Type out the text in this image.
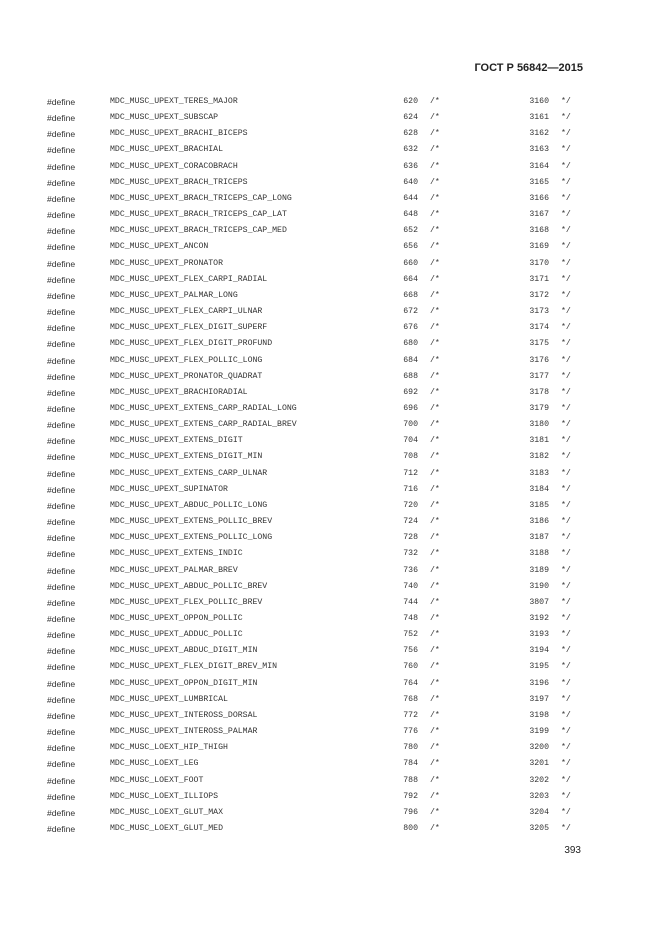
ГОСТ Р 56842—2015
#define	MDC_MUSC_UPEXT_TERES_MAJOR	620 /*	3160 */
#define	MDC_MUSC_UPEXT_SUBSCAP	624 /*	3161 */
#define	MDC_MUSC_UPEXT_BRACHI_BICEPS	628 /*	3162 */
#define	MDC_MUSC_UPEXT_BRACHIAL	632 /*	3163 */
#define	MDC_MUSC_UPEXT_CORACOBRACH	636 /*	3164 */
#define	MDC_MUSC_UPEXT_BRACH_TRICEPS	640 /*	3165 */
#define	MDC_MUSC_UPEXT_BRACH_TRICEPS_CAP_LONG	644 /*	3166 */
#define	MDC_MUSC_UPEXT_BRACH_TRICEPS_CAP_LAT	648 /*	3167 */
#define	MDC_MUSC_UPEXT_BRACH_TRICEPS_CAP_MED	652 /*	3168 */
#define	MDC_MUSC_UPEXT_ANCON	656 /*	3169 */
#define	MDC_MUSC_UPEXT_PRONATOR	660 /*	3170 */
#define	MDC_MUSC_UPEXT_FLEX_CARPI_RADIAL	664 /*	3171 */
#define	MDC_MUSC_UPEXT_PALMAR_LONG	668 /*	3172 */
#define	MDC_MUSC_UPEXT_FLEX_CARPI_ULNAR	672 /*	3173 */
#define	MDC_MUSC_UPEXT_FLEX_DIGIT_SUPERF	676 /*	3174 */
#define	MDC_MUSC_UPEXT_FLEX_DIGIT_PROFUND	680 /*	3175 */
#define	MDC_MUSC_UPEXT_FLEX_POLLIC_LONG	684 /*	3176 */
#define	MDC_MUSC_UPEXT_PRONATOR_QUADRAT	688 /*	3177 */
#define	MDC_MUSC_UPEXT_BRACHIORADIAL	692 /*	3178 */
#define	MDC_MUSC_UPEXT_EXTENS_CARP_RADIAL_LONG	696 /*	3179 */
#define	MDC_MUSC_UPEXT_EXTENS_CARP_RADIAL_BREV	700 /*	3180 */
#define	MDC_MUSC_UPEXT_EXTENS_DIGIT	704 /*	3181 */
#define	MDC_MUSC_UPEXT_EXTENS_DIGIT_MIN	708 /*	3182 */
#define	MDC_MUSC_UPEXT_EXTENS_CARP_ULNAR	712 /*	3183 */
#define	MDC_MUSC_UPEXT_SUPINATOR	716 /*	3184 */
#define	MDC_MUSC_UPEXT_ABDUC_POLLIC_LONG	720 /*	3185 */
#define	MDC_MUSC_UPEXT_EXTENS_POLLIC_BREV	724 /*	3186 */
#define	MDC_MUSC_UPEXT_EXTENS_POLLIC_LONG	728 /*	3187 */
#define	MDC_MUSC_UPEXT_EXTENS_INDIC	732 /*	3188 */
#define	MDC_MUSC_UPEXT_PALMAR_BREV	736 /*	3189 */
#define	MDC_MUSC_UPEXT_ABDUC_POLLIC_BREV	740 /*	3190 */
#define	MDC_MUSC_UPEXT_FLEX_POLLIC_BREV	744 /*	3807 */
#define	MDC_MUSC_UPEXT_OPPON_POLLIC	748 /*	3192 */
#define	MDC_MUSC_UPEXT_ADDUC_POLLIC	752 /*	3193 */
#define	MDC_MUSC_UPEXT_ABDUC_DIGIT_MIN	756 /*	3194 */
#define	MDC_MUSC_UPEXT_FLEX_DIGIT_BREV_MIN	760 /*	3195 */
#define	MDC_MUSC_UPEXT_OPPON_DIGIT_MIN	764 /*	3196 */
#define	MDC_MUSC_UPEXT_LUMBRICAL	768 /*	3197 */
#define	MDC_MUSC_UPEXT_INTEROSS_DORSAL	772 /*	3198 */
#define	MDC_MUSC_UPEXT_INTEROSS_PALMAR	776 /*	3199 */
#define	MDC_MUSC_LOEXT_HIP_THIGH	780 /*	3200 */
#define	MDC_MUSC_LOEXT_LEG	784 /*	3201 */
#define	MDC_MUSC_LOEXT_FOOT	788 /*	3202 */
#define	MDC_MUSC_LOEXT_ILLIOPS	792 /*	3203 */
#define	MDC_MUSC_LOEXT_GLUT_MAX	796 /*	3204 */
#define	MDC_MUSC_LOEXT_GLUT_MED	800 /*	3205 */
393
